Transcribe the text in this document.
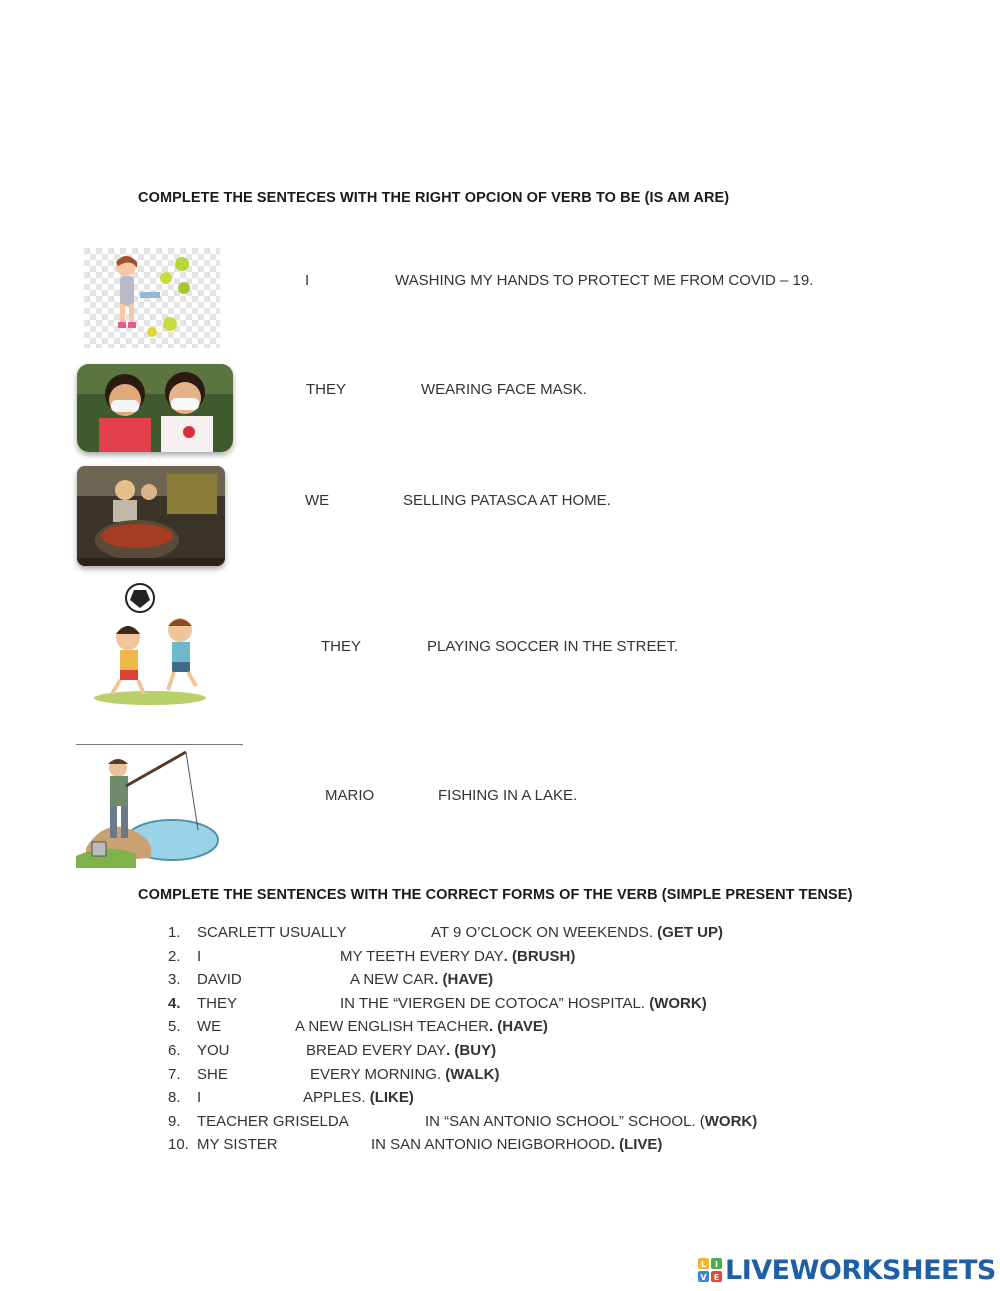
COMPLETE THE SENTECES WITH THE RIGHT OPCION OF VERB TO BE (IS AM ARE)
I	WASHING MY HANDS TO PROTECT ME FROM COVID – 19.
THEY	WEARING FACE MASK.
WE	SELLING PATASCA AT HOME.
THEY	PLAYING SOCCER IN THE STREET.
MARIO	FISHING IN A LAKE.
COMPLETE THE SENTENCES WITH THE CORRECT FORMS OF THE VERB (SIMPLE PRESENT TENSE)
1.	SCARLETT USUALLY	AT 9 O’CLOCK ON WEEKENDS. (GET UP)
2.	I	MY TEETH EVERY DAY. (BRUSH)
3.	DAVID	A NEW CAR. (HAVE)
4.	THEY	IN THE “VIERGEN DE COTOCA” HOSPITAL. (WORK)
5.	WE	A NEW ENGLISH TEACHER. (HAVE)
6.	YOU	BREAD EVERY DAY. (BUY)
7.	SHE	EVERY MORNING. (WALK)
8.	I	APPLES. (LIKE)
9.	TEACHER GRISELDA	IN “SAN ANTONIO SCHOOL” SCHOOL. (WORK)
10. MY SISTER	IN SAN ANTONIO NEIGBORHOOD. (LIVE)
L I
V E LIVEWORKSHEETS
